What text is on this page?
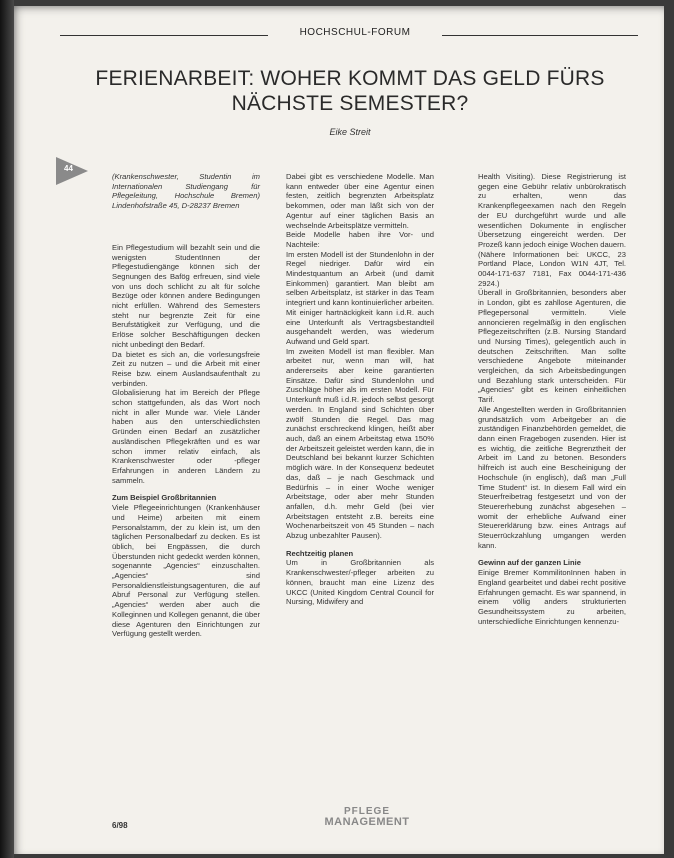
HOCHSCHUL-FORUM
FERIENARBEIT: WOHER KOMMT DAS GELD FÜRS NÄCHSTE SEMESTER?
Eike Streit
44

(Krankenschwester, Studentin im Internationalen Studiengang für Pflegeleitung, Hochschule Bremen) Lindenhofstraße 45, D-28237 Bremen

Ein Pflegestudium will bezahlt sein und die wenigsten StudentInnen der Pflegestudiengänge können sich der Segnungen des Bafög erfreuen, sind viele von uns doch schlicht zu alt für solche Bezüge oder können andere Bedingungen nicht erfüllen. Während des Semesters steht nur begrenzte Zeit für eine Berufstätigkeit zur Verfügung, und die Erlöse solcher Beschäftigungen decken nicht unbedingt den Bedarf.

Da bietet es sich an, die vorlesungsfreie Zeit zu nutzen – und die Arbeit mit einer Reise bzw. einem Auslandsaufenthalt zu verbinden.

Globalisierung hat im Bereich der Pflege schon stattgefunden, als das Wort noch nicht in aller Munde war. Viele Länder haben aus den unterschiedlichsten Gründen einen Bedarf an zusätzlicher ausländischen Pflegekräften und es war schon immer relativ einfach, als Krankenschwester oder -pfleger Erfahrungen in anderen Ländern zu sammeln.

Zum Beispiel Großbritannien

Viele Pflegeeinrichtungen (Krankenhäuser und Heime) arbeiten mit einem Personalstamm, der zu klein ist, um den täglichen Personalbedarf zu decken. Es ist üblich, bei Engpässen, die durch Überstunden nicht gedeckt werden können, sogenannte „Agencies“ einzuschalten. „Agencies“ sind Personaldienstleistungsagenturen, die auf Abruf Personal zur Verfügung stellen. „Agencies“ werden aber auch die Kolleginnen und Kollegen genannt, die über diese Agenturen den Einrichtungen zur Verfügung gestellt werden.

Dabei gibt es verschiedene Modelle. Man kann entweder über eine Agentur einen festen, zeitlich begrenzten Arbeitsplatz bekommen, oder man läßt sich von der Agentur auf einer täglichen Basis an wechselnde Arbeitsplätze vermitteln.

Beide Modelle haben ihre Vor- und Nachteile:

Im ersten Modell ist der Stundenlohn in der Regel niedriger. Dafür wird ein Mindestquantum an Arbeit (und damit Einkommen) garantiert. Man bleibt am selben Arbeitsplatz, ist stärker in das Team integriert und kann kontinuierlicher arbeiten. Mit einiger hartnäckigkeit kann i.d.R. auch eine Unterkunft als Vertragsbestandteil ausgehandelt werden, was wiederum Aufwand und Geld spart.

Im zweiten Modell ist man flexibler. Man arbeitet nur, wenn man will, hat andererseits aber keine garantierten Einsätze. Dafür sind Stundenlohn und Zuschläge höher als im ersten Modell. Für Unterkunft muß i.d.R. jedoch selbst gesorgt werden. In England sind Schichten über zwölf Stunden die Regel. Das mag zunächst erschreckend klingen, heißt aber auch, daß an einem Arbeitstag etwa 150% der Arbeitszeit geleistet werden kann, die in Deutschland bei bekannt kurzer Schichten möglich wäre. In der Konsequenz bedeutet das, daß – je nach Geschmack und Bedürfnis – in einer Woche weniger Arbeitstage, oder aber mehr Stunden anfallen, d.h. mehr Geld (bei vier Arbeitstagen entsteht z.B. bereits eine Wochenarbeitszeit von 45 Stunden – nach Abzug unbezahlter Pausen).

Rechtzeitig planen

Um in Großbritannien als Krankenschwester/-pfleger arbeiten zu können, braucht man eine Lizenz des UKCC (United Kingdom Central Council for Nursing, Midwifery and

Health Visiting). Diese Registrierung ist gegen eine Gebühr relativ unbürokratisch zu erhalten, wenn das Krankenpflegeexamen nach den Regeln der EU durchgeführt wurde und alle wesentlichen Dokumente in englischer Übersetzung eingereicht werden. Der Prozeß kann jedoch einige Wochen dauern. (Nähere Informationen bei: UKCC, 23 Portland Place, London W1N 4JT, Tel. 0044-171-637 7181, Fax 0044-171-436 2924.)

Überall in Großbritannien, besonders aber in London, gibt es zahllose Agenturen, die Pflegepersonal vermitteln. Viele annoncieren regelmäßig in den englischen Pflegezeitschriften (z.B. Nursing Standard und Nursing Times), gelegentlich auch in deutschen Zeitschriften. Man sollte verschiedene Angebote miteinander vergleichen, da sich Arbeitsbedingungen und Bezahlung stark unterscheiden. Für „Agencies“ gibt es keinen einheitlichen Tarif.

Alle Angestellten werden in Großbritannien grundsätzlich vom Arbeitgeber an die zuständigen Finanzbehörden gemeldet, die dann einen Fragebogen zusenden. Hier ist es wichtig, die zeitliche Begrenztheit der Arbeit im Land zu betonen. Besonders hilfreich ist auch eine Bescheinigung der Hochschule (in englisch), daß man „Full Time Student“ ist. In diesem Fall wird ein Steuerfreibetrag festgesetzt und von der Steuererhebung zunächst abgesehen – womit der erhebliche Aufwand einer Steuererklärung bzw. eines Antrags auf Steuerrückzahlung umgangen werden kann.

Gewinn auf der ganzen Linie

Einige Bremer KommilitonInnen haben in England gearbeitet und dabei recht positive Erfahrungen gemacht. Es war spannend, in einem völlig anders strukturierten Gesundheitssystem zu arbeiten, unterschiedliche Einrichtungen kennenzu-

6/98
PFLEGE
MANAGEMENT
